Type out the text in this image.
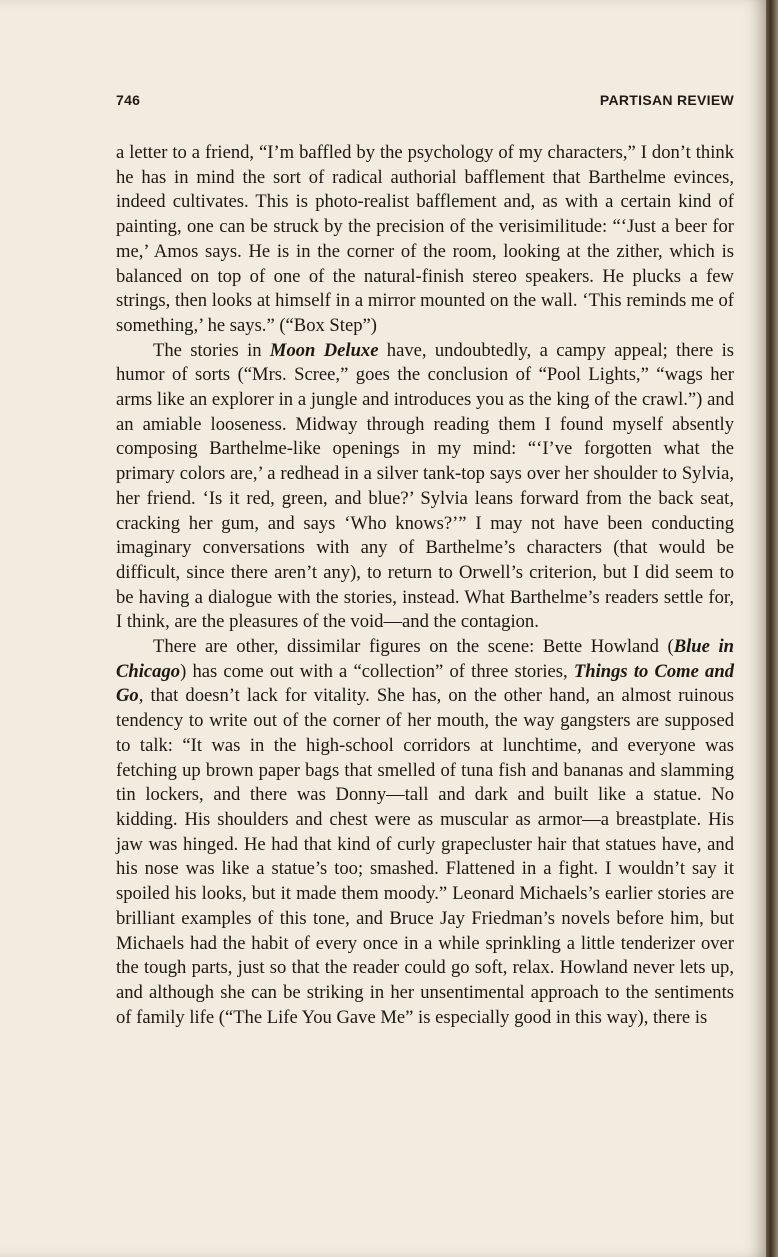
746	PARTISAN REVIEW

a letter to a friend, “I’m baffled by the psychology of my characters,” I don’t think he has in mind the sort of radical authorial bafflement that Barthelme evinces, indeed cultivates. This is photo-realist bafflement and, as with a certain kind of painting, one can be struck by the precision of the verisimilitude: “‘Just a beer for me,’ Amos says. He is in the corner of the room, looking at the zither, which is balanced on top of one of the natural-finish stereo speakers. He plucks a few strings, then looks at himself in a mirror mounted on the wall. ‘This reminds me of something,’ he says.” (“Box Step”)

The stories in Moon Deluxe have, undoubtedly, a campy appeal; there is humor of sorts (“Mrs. Scree,” goes the conclusion of “Pool Lights,” “wags her arms like an explorer in a jungle and introduces you as the king of the crawl.”) and an amiable looseness. Midway through reading them I found myself absently composing Barthelme-like openings in my mind: “‘I’ve forgotten what the primary colors are,’ a redhead in a silver tank-top says over her shoulder to Sylvia, her friend. ‘Is it red, green, and blue?’ Sylvia leans forward from the back seat, cracking her gum, and says ‘Who knows?’” I may not have been conducting imaginary conversations with any of Barthelme’s characters (that would be difficult, since there aren’t any), to return to Orwell’s criterion, but I did seem to be having a dialogue with the stories, instead. What Barthelme’s readers settle for, I think, are the pleasures of the void—and the contagion.

There are other, dissimilar figures on the scene: Bette Howland (Blue in Chicago) has come out with a “collection” of three stories, Things to Come and Go, that doesn’t lack for vitality. She has, on the other hand, an almost ruinous tendency to write out of the corner of her mouth, the way gangsters are supposed to talk: “It was in the high-school corridors at lunchtime, and everyone was fetching up brown paper bags that smelled of tuna fish and bananas and slamming tin lockers, and there was Donny—tall and dark and built like a statue. No kidding. His shoulders and chest were as muscular as armor—a breastplate. His jaw was hinged. He had that kind of curly grapecluster hair that statues have, and his nose was like a statue’s too; smashed. Flattened in a fight. I wouldn’t say it spoiled his looks, but it made them moody.” Leonard Michaels’s earlier stories are brilliant examples of this tone, and Bruce Jay Friedman’s novels before him, but Michaels had the habit of every once in a while sprinkling a little tenderizer over the tough parts, just so that the reader could go soft, relax. Howland never lets up, and although she can be striking in her unsentimental approach to the sentiments of family life (“The Life You Gave Me” is especially good in this way), there is
